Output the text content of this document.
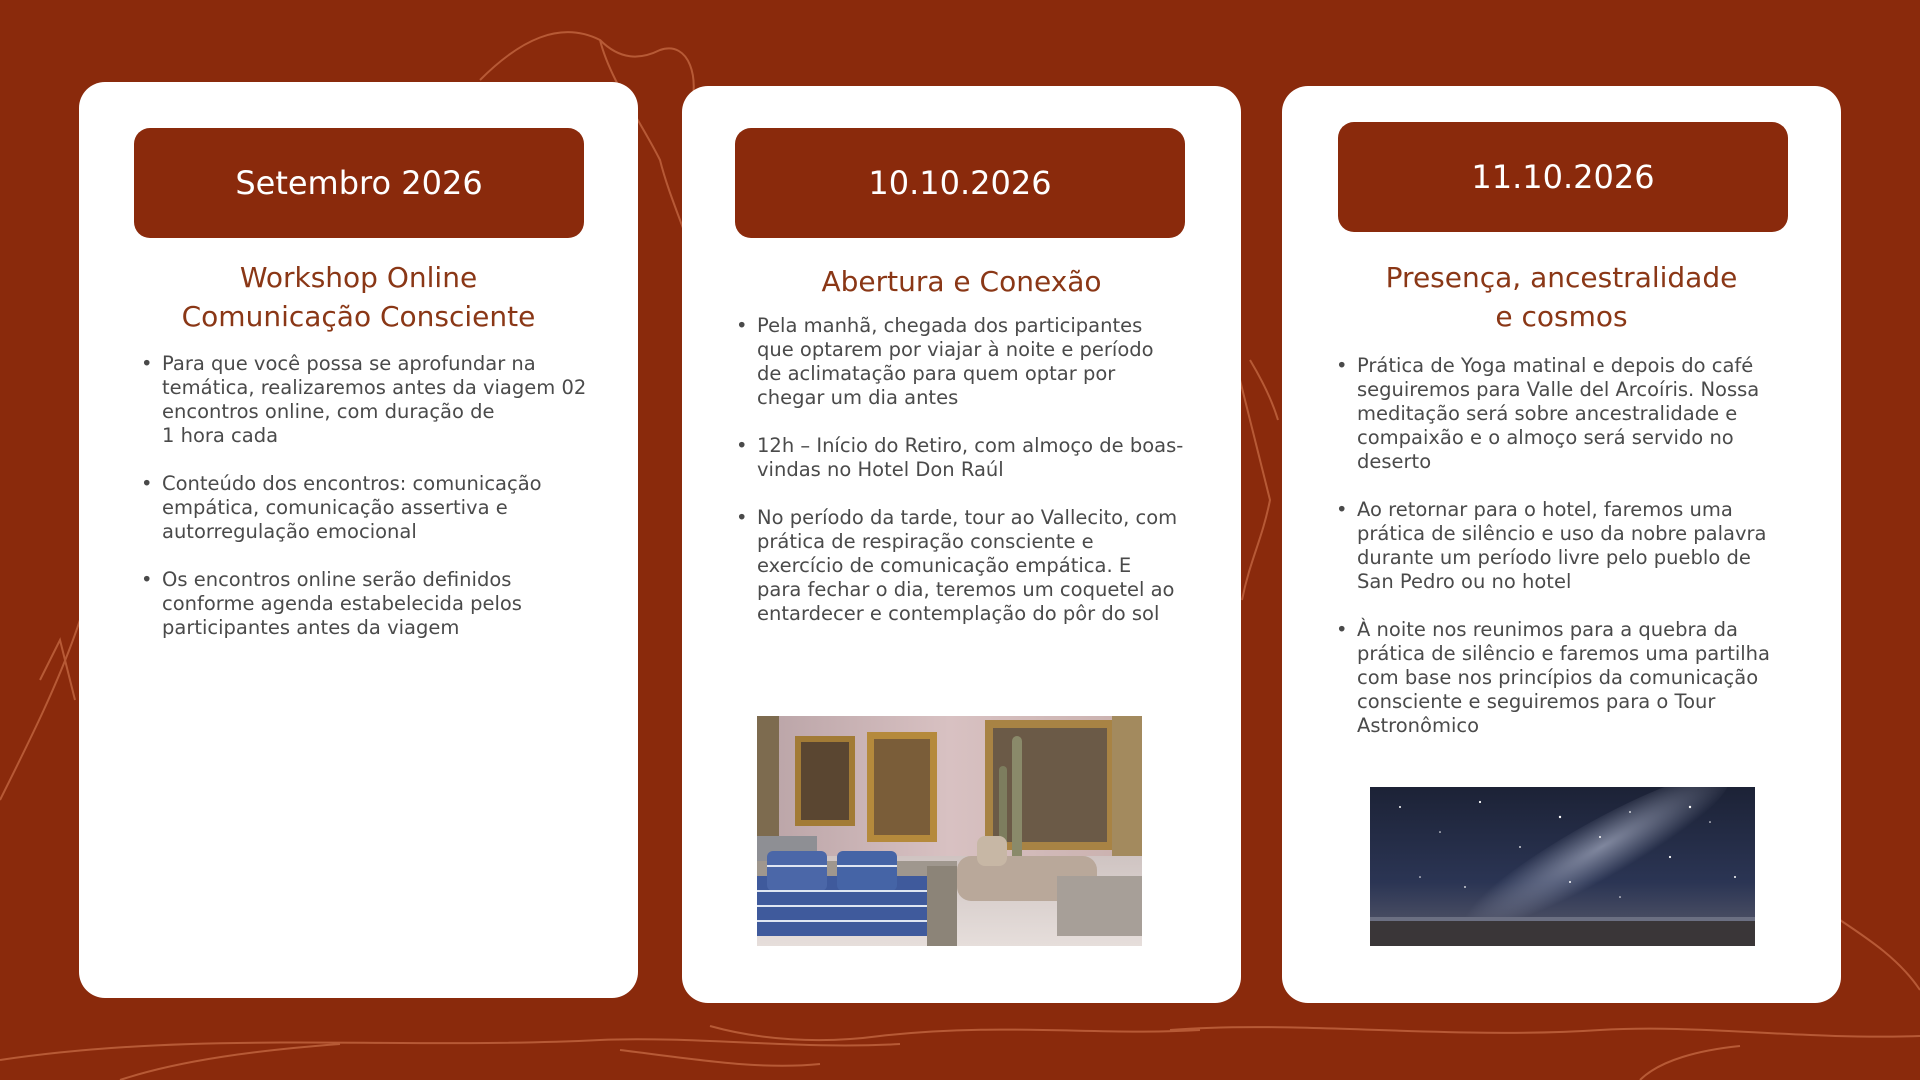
Setembro 2026
Workshop Online
Comunicação Consciente
• Para que você possa se aprofundar na
temática, realizaremos antes da viagem 02
encontros online, com duração de
1 hora cada
• Conteúdo dos encontros: comunicação
empática, comunicação assertiva e
autorregulação emocional
• Os encontros online serão definidos
conforme agenda estabelecida pelos
participantes antes da viagem
10.10.2026
Abertura e Conexão
• Pela manhã, chegada dos participantes
que optarem por viajar à noite e período
de aclimatação para quem optar por
chegar um dia antes
• 12h – Início do Retiro, com almoço de boas-
vindas no Hotel Don Raúl
• No período da tarde, tour ao Vallecito, com
prática de respiração consciente e
exercício de comunicação empática. E
para fechar o dia, teremos um coquetel ao
entardecer e contemplação do pôr do sol
11.10.2026
Presença, ancestralidade
e cosmos
• Prática de Yoga matinal e depois do café
seguiremos para Valle del Arcoíris. Nossa
meditação será sobre ancestralidade e
compaixão e o almoço será servido no
deserto
• Ao retornar para o hotel, faremos uma
prática de silêncio e uso da nobre palavra
durante um período livre pelo pueblo de
San Pedro ou no hotel
• À noite nos reunimos para a quebra da
prática de silêncio e faremos uma partilha
com base nos princípios da comunicação
consciente e seguiremos para o Tour
Astronômico
